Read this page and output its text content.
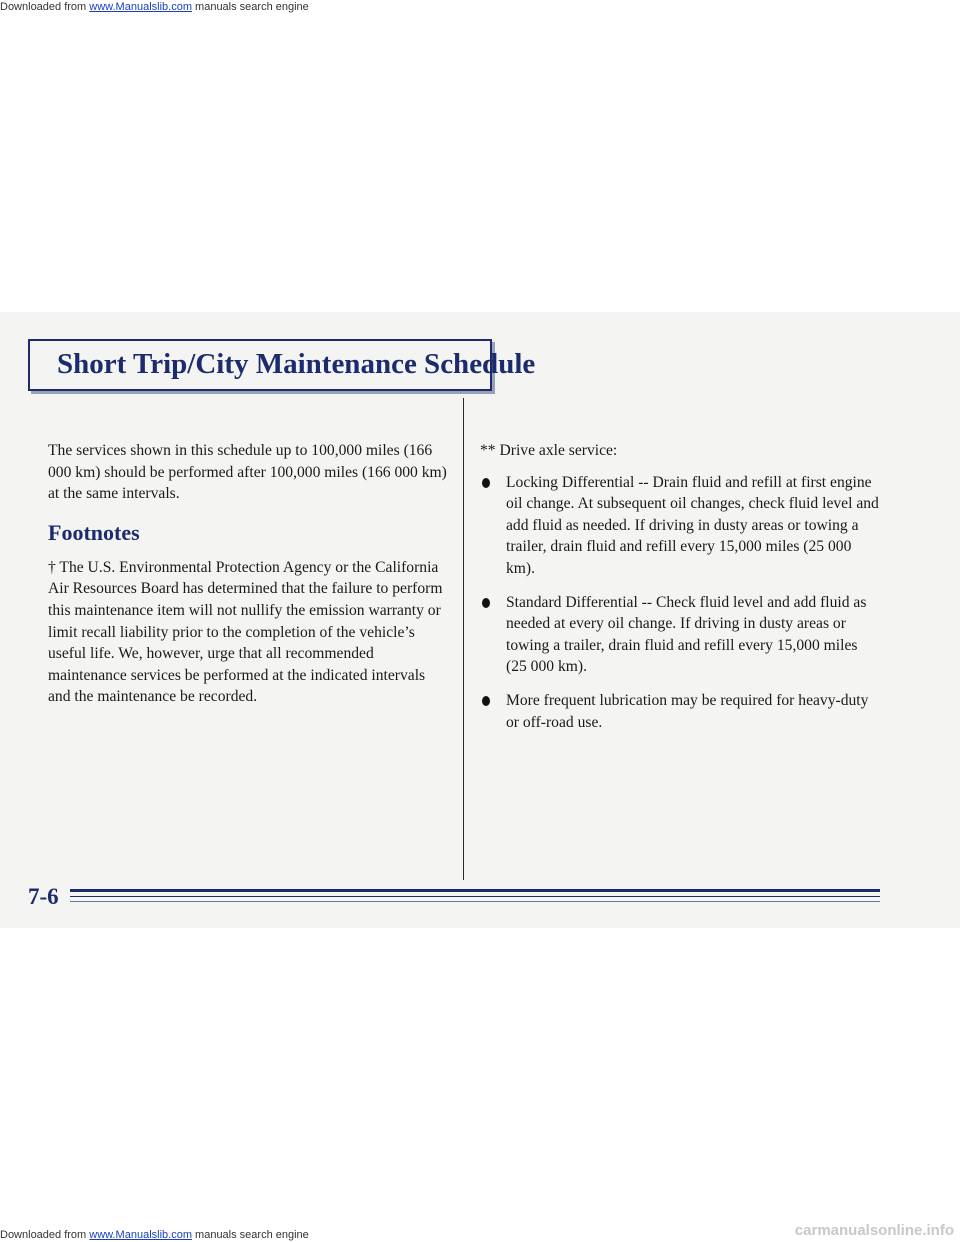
Downloaded from www.Manualslib.com manuals search engine
Short Trip/City Maintenance Schedule

The services shown in this schedule up to 100,000 miles (166 000 km) should be performed after 100,000 miles (166 000 km) at the same intervals.

Footnotes

† The U.S. Environmental Protection Agency or the California Air Resources Board has determined that the failure to perform this maintenance item will not nullify the emission warranty or limit recall liability prior to the completion of the vehicle’s useful life. We, however, urge that all recommended maintenance services be performed at the indicated intervals and the maintenance be recorded.

** Drive axle service:

Locking Differential -- Drain fluid and refill at first engine oil change. At subsequent oil changes, check fluid level and add fluid as needed. If driving in dusty areas or towing a trailer, drain fluid and refill every 15,000 miles (25 000 km).
Standard Differential -- Check fluid level and add fluid as needed at every oil change. If driving in dusty areas or towing a trailer, drain fluid and refill every 15,000 miles (25 000 km).
More frequent lubrication may be required for heavy-duty or off-road use.
7-6
Downloaded from www.Manualslib.com manuals search engine	carmanualsonline.info
